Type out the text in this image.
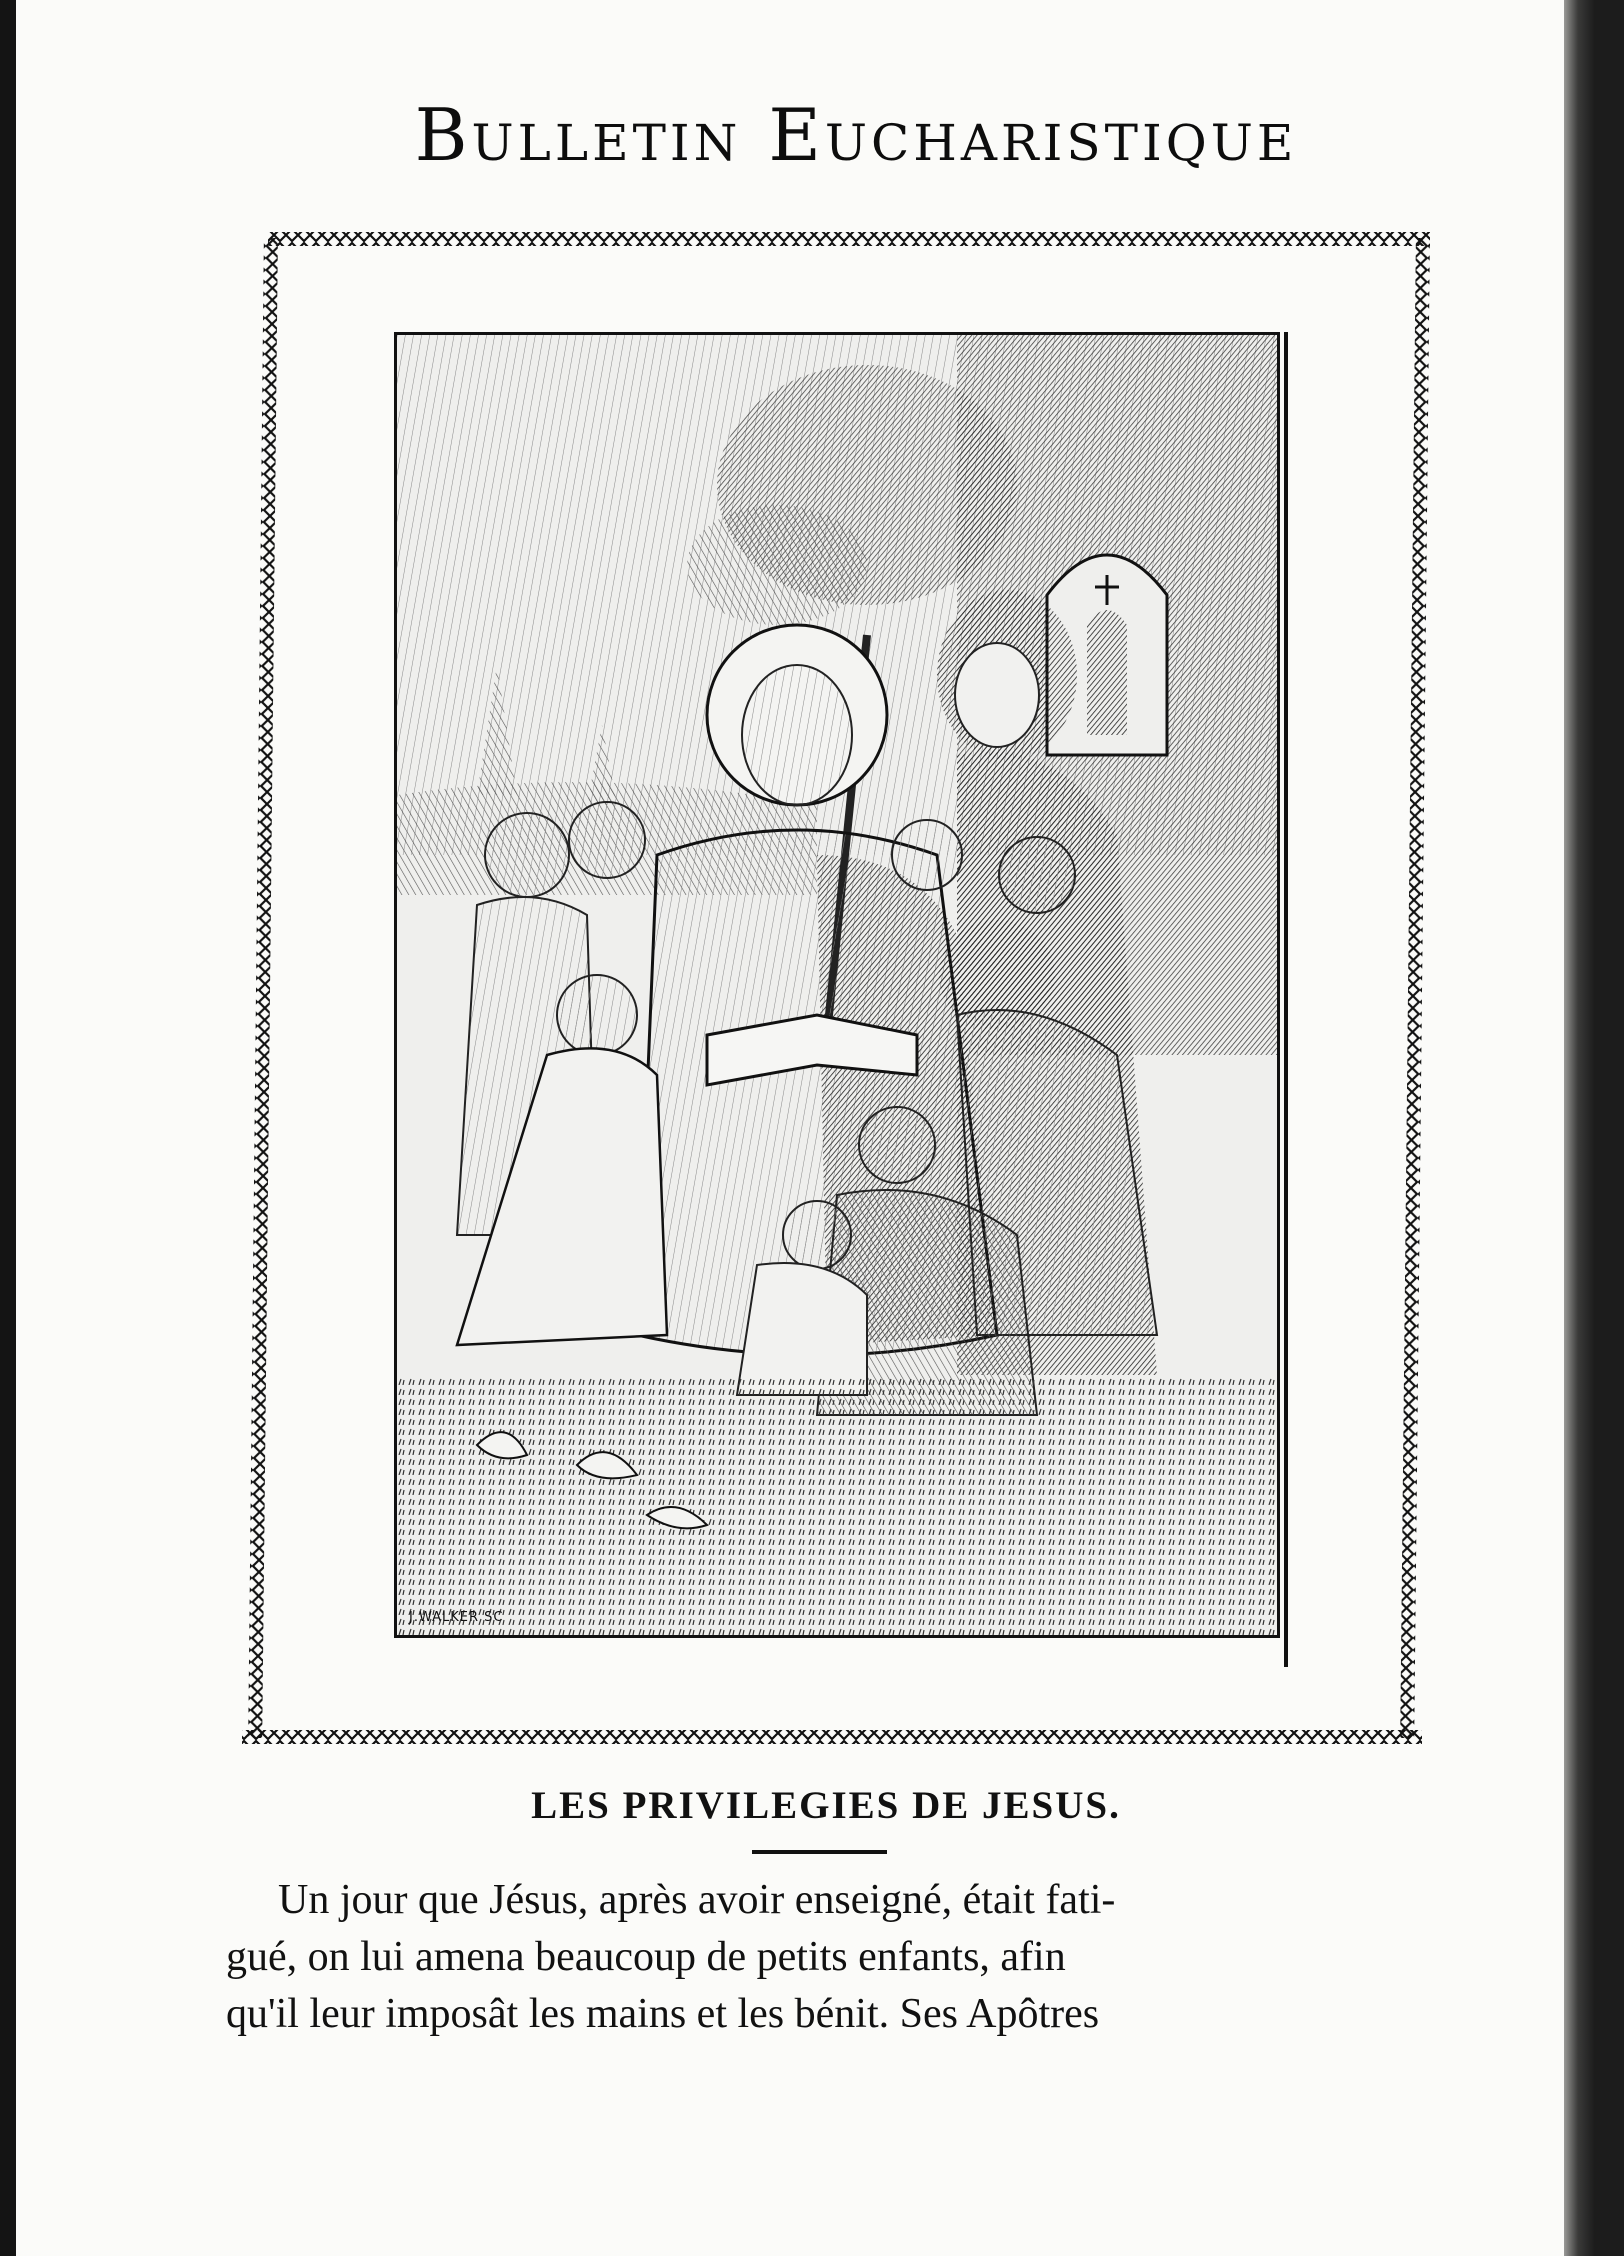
Bulletin Eucharistique
J.WALKER SC
LES PRIVILEGIES DE JESUS.
Un jour que Jésus, après avoir enseigné, était fati-
gué, on lui amena beaucoup de petits enfants, afin
qu'il leur imposât les mains et les bénit. Ses Apôtres
